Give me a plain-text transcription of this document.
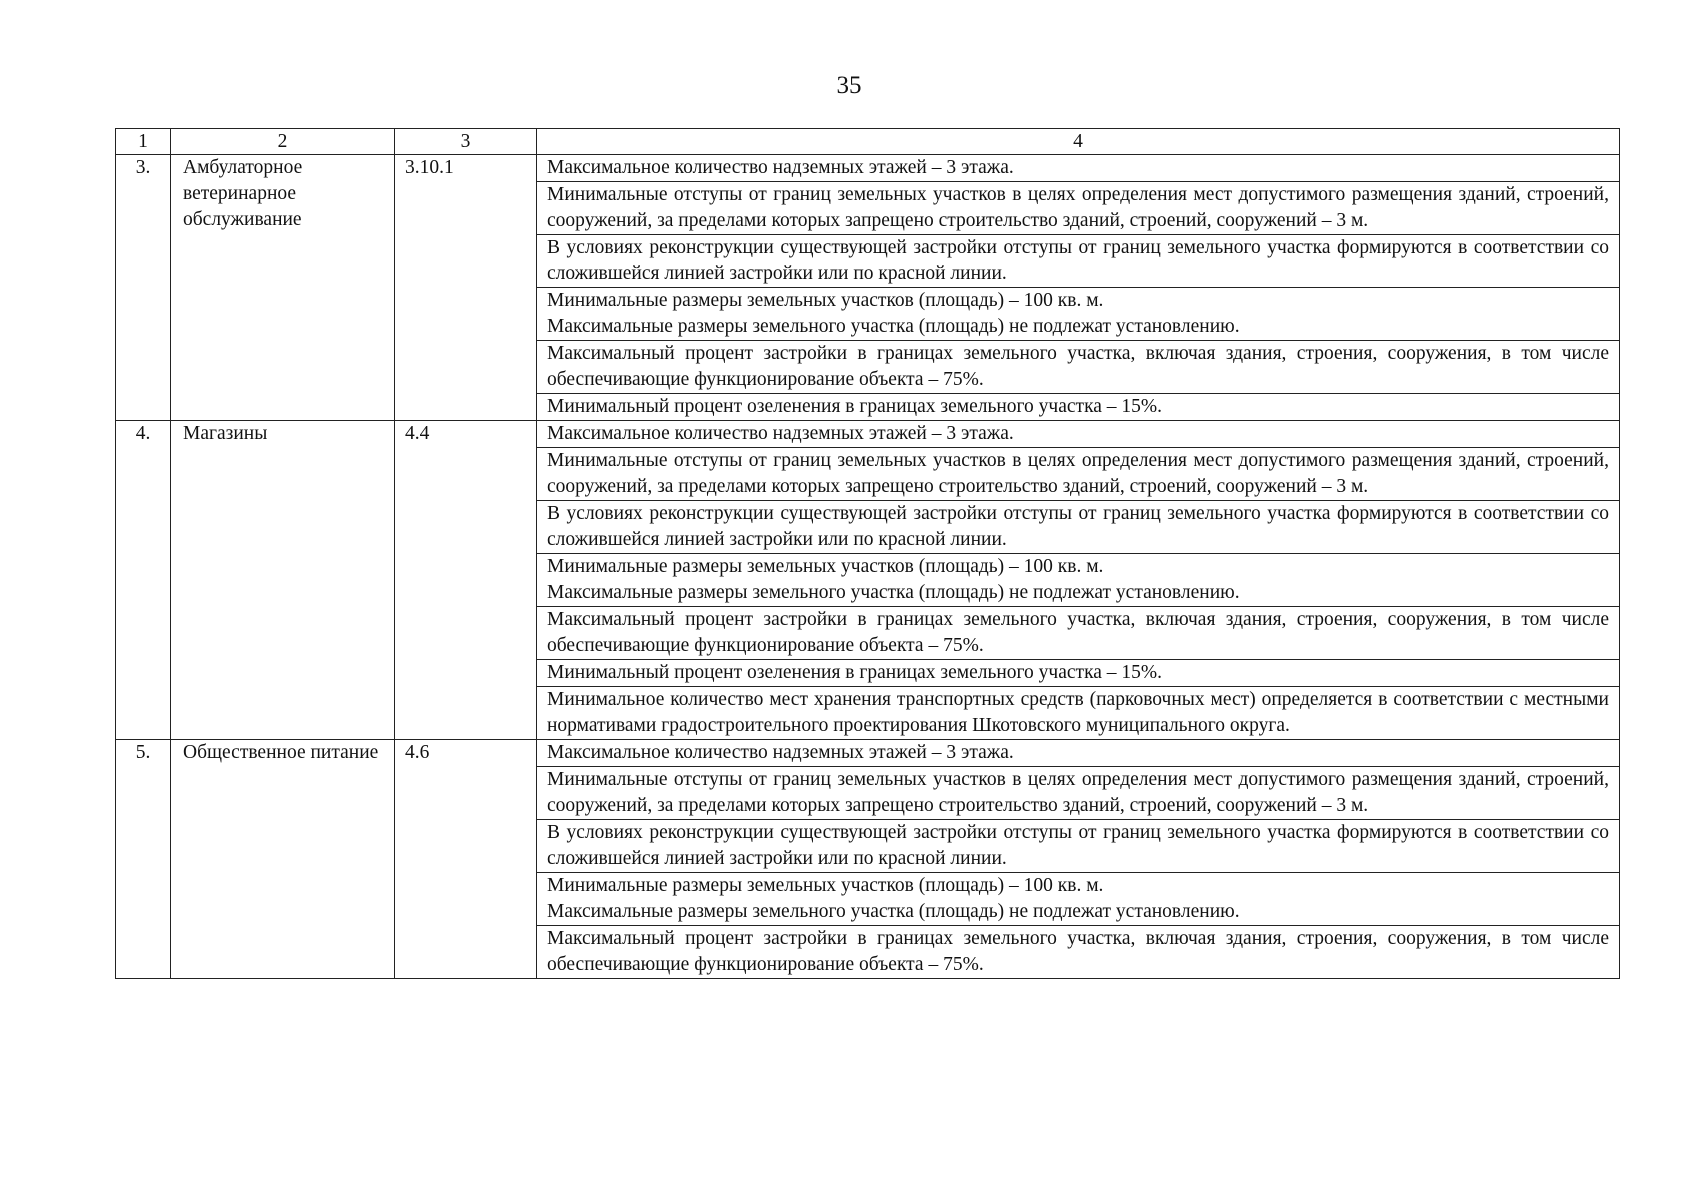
35
1	2	3	4
3.	Амбулаторное ветеринарное обслуживание	3.10.1	Максимальное количество надземных этажей – 3 этажа.

			Минимальные отступы от границ земельных участков в целях определения мест допустимого размещения зданий, строений, сооружений, за пределами которых запрещено строительство зданий, строений, сооружений – 3 м.

			В условиях реконструкции существующей застройки отступы от границ земельного участка формируются в соответствии со сложившейся линией застройки или по красной линии.

			Минимальные размеры земельных участков (площадь) – 100 кв. м.
Максимальные размеры земельного участка (площадь) не подлежат установлению.

			Максимальный процент застройки в границах земельного участка, включая здания, строения, сооружения, в том числе обеспечивающие функционирование объекта – 75%.

			Минимальный процент озеленения в границах земельного участка – 15%.

4.	Магазины	4.4	Максимальное количество надземных этажей – 3 этажа.

			Минимальные отступы от границ земельных участков в целях определения мест допустимого размещения зданий, строений, сооружений, за пределами которых запрещено строительство зданий, строений, сооружений – 3 м.

			В условиях реконструкции существующей застройки отступы от границ земельного участка формируются в соответствии со сложившейся линией застройки или по красной линии.

			Минимальные размеры земельных участков (площадь) – 100 кв. м.
Максимальные размеры земельного участка (площадь) не подлежат установлению.

			Максимальный процент застройки в границах земельного участка, включая здания, строения, сооружения, в том числе обеспечивающие функционирование объекта – 75%.

			Минимальный процент озеленения в границах земельного участка – 15%.

			Минимальное количество мест хранения транспортных средств (парковочных мест) определяется в соответствии с местными нормативами градостроительного проектирования Шкотовского муниципального округа.

5.	Общественное питание	4.6	Максимальное количество надземных этажей – 3 этажа.

			Минимальные отступы от границ земельных участков в целях определения мест допустимого размещения зданий, строений, сооружений, за пределами которых запрещено строительство зданий, строений, сооружений – 3 м.

			В условиях реконструкции существующей застройки отступы от границ земельного участка формируются в соответствии со сложившейся линией застройки или по красной линии.

			Минимальные размеры земельных участков (площадь) – 100 кв. м.
Максимальные размеры земельного участка (площадь) не подлежат установлению.

			Максимальный процент застройки в границах земельного участка, включая здания, строения, сооружения, в том числе обеспечивающие функционирование объекта – 75%.
